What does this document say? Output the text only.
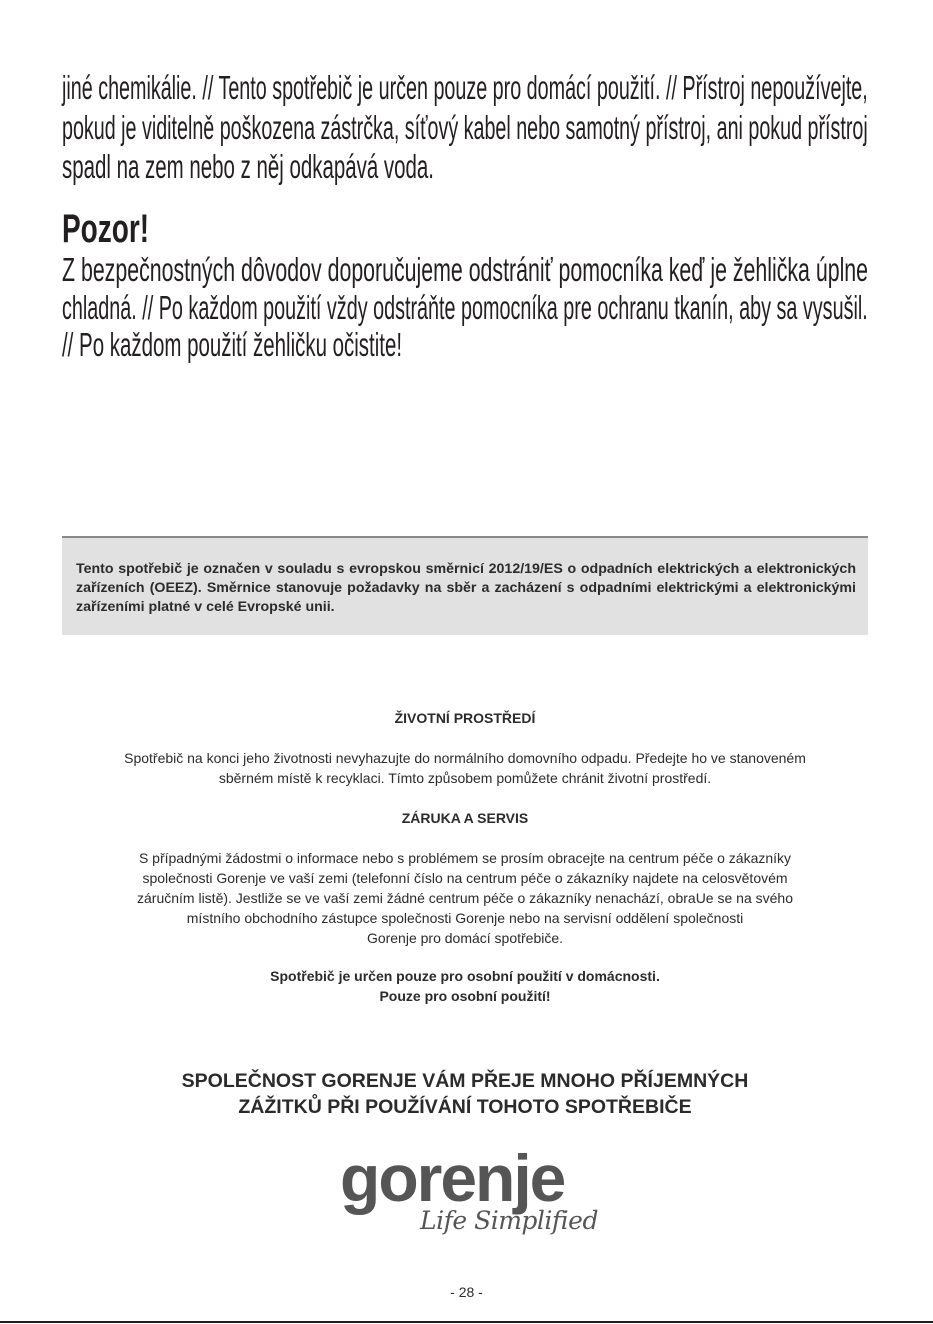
jiné chemikálie. // Tento spotřebič je určen pouze pro domácí použití. // Přístroj nepoužívejte,
pokud je viditelně poškozena zástrčka, síťový kabel nebo samotný přístroj, ani pokud přístroj
spadl na zem nebo z něj odkapává voda.
Pozor!
Z bezpečnostných dôvodov doporučujeme odstrániť pomocníka keď je žehlička úplne
chladná. // Po každom použití vždy odstráňte pomocníka pre ochranu tkanín, aby sa vysušil.
// Po každom použití žehličku očistite!
Tento spotřebič je označen v souladu s evropskou směrnicí 2012/19/ES o odpadních elektrických a elektronických zařízeních (OEEZ). Směrnice stanovuje požadavky na sběr a zacházení s odpadními elektrickými a elektronickými zařízeními platné v celé Evropské unii.
ŽIVOTNÍ PROSTŘEDÍ
Spotřebič na konci jeho životnosti nevyhazujte do normálního domovního odpadu. Předejte ho ve stanoveném
sběrném místě k recyklaci. Tímto způsobem pomůžete chránit životní prostředí.
ZÁRUKA A SERVIS
S případnými žádostmi o informace nebo s problémem se prosím obracejte na centrum péče o zákazníky
společnosti Gorenje ve vaší zemi (telefonní číslo na centrum péče o zákazníky najdete na celosvětovém
záručním listě). Jestliže se ve vaší zemi žádné centrum péče o zákazníky nenachází, obraUe se na svého
místního obchodního zástupce společnosti Gorenje nebo na servisní oddělení společnosti
Gorenje pro domácí spotřebiče.
Spotřebič je určen pouze pro osobní použití v domácnosti.
Pouze pro osobní použití!
SPOLEČNOST GORENJE VÁM PŘEJE MNOHO PŘÍJEMNÝCH
ZÁŽITKŮ PŘI POUŽÍVÁNÍ TOHOTO SPOTŘEBIČE
gorenje
Life Simplified
- 28 -
